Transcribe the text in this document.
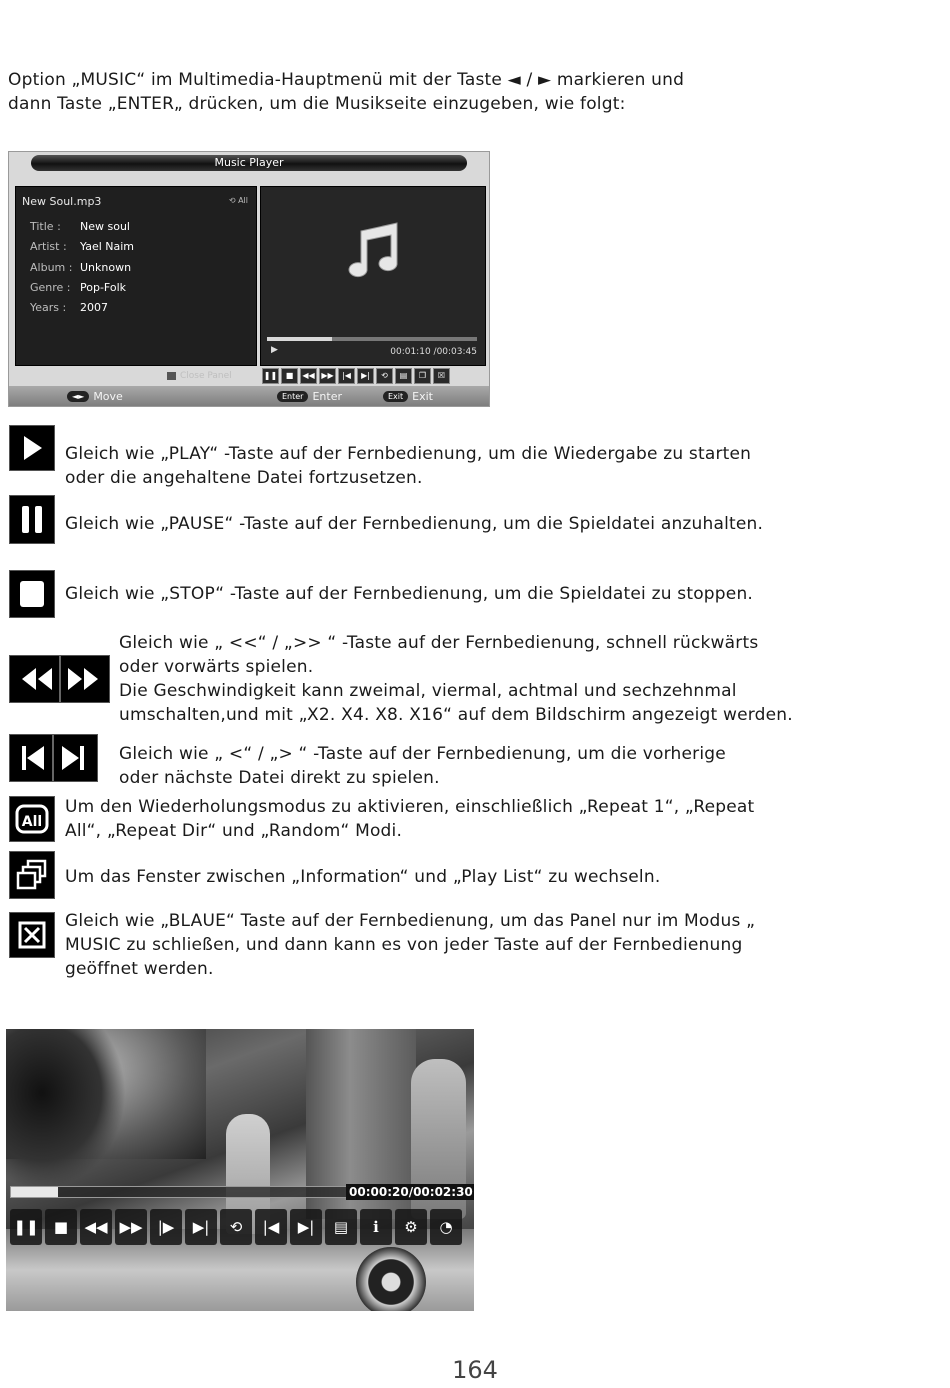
Option „MUSIC“ im Multimedia-Hauptmenü mit der Taste ◄ / ► markieren und
dann Taste „ENTER„ drücken, um die Musikseite einzugeben, wie folgt:
Music Player
New Soul.mp3	⟲ All
Title : New soul
Artist : Yael Naim
Album : Unknown
Genre : Pop-Folk
Years : 2007
▶	00:01:10 /00:03:45
Close Panel	❚❚	■	◀◀ ▶▶	|◀	▶|	⟲	▤	❐	☒
◄► Move	Enter Enter	Exit Exit
Gleich wie „PLAY“ -Taste auf der Fernbedienung, um die Wiedergabe zu starten
oder die angehaltene Datei fortzusetzen.
Gleich wie „PAUSE“ -Taste auf der Fernbedienung, um die Spieldatei anzuhalten.
Gleich wie „STOP“ -Taste auf der Fernbedienung, um die Spieldatei zu stoppen.
Gleich wie „ <<“ / „>> “ -Taste auf der Fernbedienung, schnell rückwärts
oder vorwärts spielen.
Die Geschwindigkeit kann zweimal, viermal, achtmal und sechzehnmal
umschalten,und mit „X2. X4. X8. X16“ auf dem Bildschirm angezeigt werden.
Gleich wie „ <“ / „> “ -Taste auf der Fernbedienung, um die vorherige
oder nächste Datei direkt zu spielen.
All
Um den Wiederholungsmodus zu aktivieren, einschließlich „Repeat 1“, „Repeat
All“, „Repeat Dir“ und „Random“ Modi.
Um das Fenster zwischen „Information“ und „Play List“ zu wechseln.
Gleich wie „BLAUE“ Taste auf der Fernbedienung, um das Panel nur im Modus „
MUSIC zu schließen, und dann kann es von jeder Taste auf der Fernbedienung
geöffnet werden.
00:00:20/00:02:30
❚❚	■	◀◀ ▶▶	|▶	▶|	⟲	|◀	▶|	▤	ℹ	⚙	◔
164
